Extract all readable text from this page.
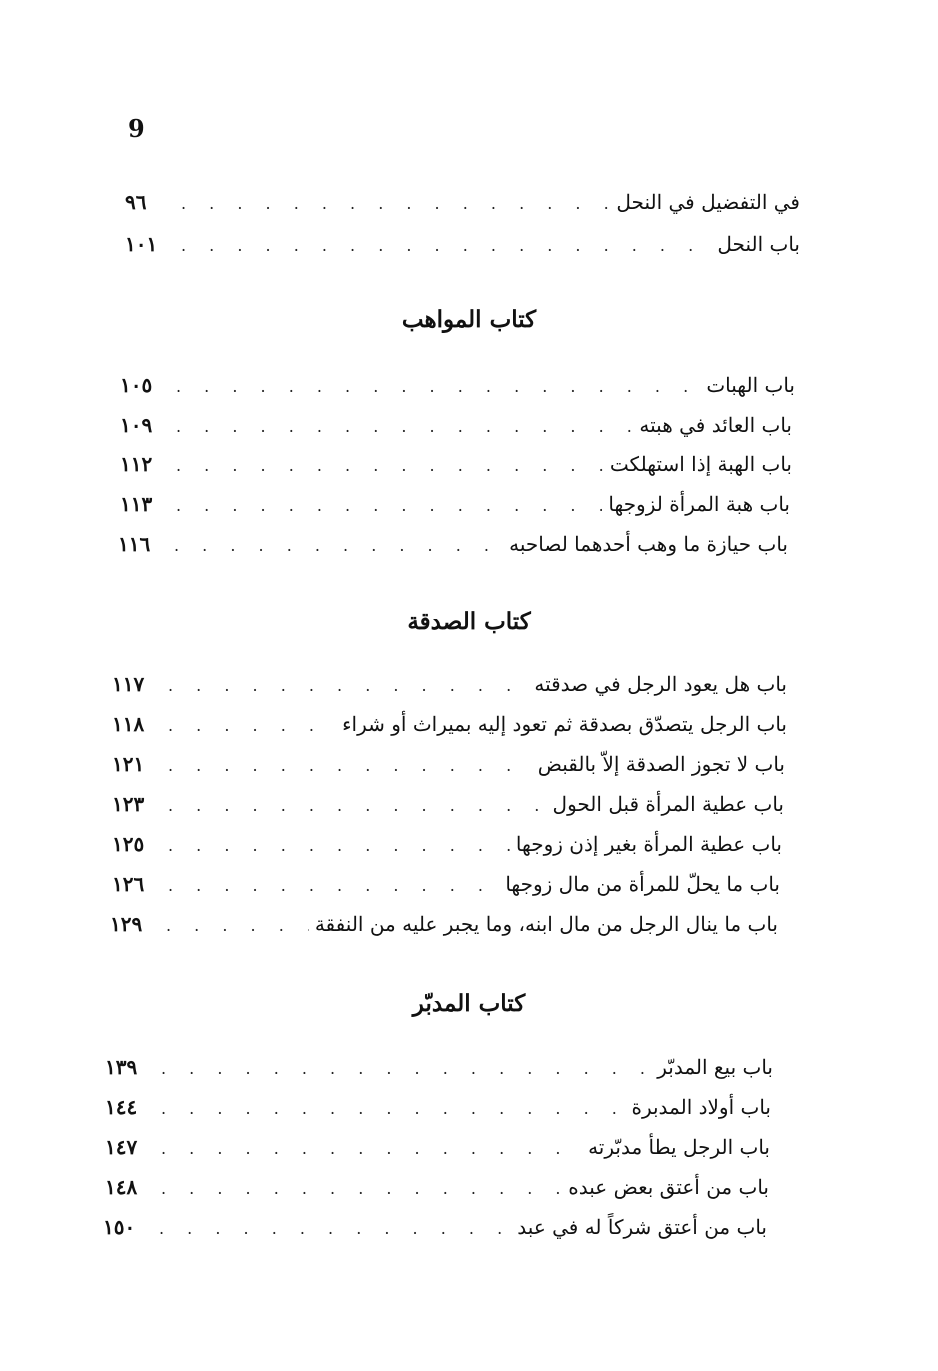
9
في التفضيل في النحل
. . .
٩٦
باب النحل
. . .
١٠١
كتاب المواهب
باب الهبات
. . .
١٠٥
باب العائد في هبته
. . .
١٠٩
باب الهبة إذا استهلكت
. . .
١١٢
باب هبة المرأة لزوجها
. . .
١١٣
باب حيازة ما وهب أحدهما لصاحبه
. . .
١١٦
كتاب الصدقة
باب هل يعود الرجل في صدقته
. . .
١١٧
باب الرجل يتصدّق بصدقة ثم تعود إليه بميراث أو شراء
. . .
١١٨
باب لا تجوز الصدقة إلاّ بالقبض
. . .
١٢١
باب عطية المرأة قبل الحول
. . .
١٢٣
باب عطية المرأة بغير إذن زوجها
. . .
١٢٥
باب ما يحلّ للمرأة من مال زوجها
. . .
١٢٦
باب ما ينال الرجل من مال ابنه، وما يجبر عليه من النفقة
. . .
١٢٩
كتاب المدبّر
باب بيع المدبّر
. . .
١٣٩
باب أولاد المدبرة
. . .
١٤٤
باب الرجل يطأ مدبّرته
. . .
١٤٧
باب من أعتق بعض عبده
. . .
١٤٨
باب من أعتق شركاً له في عبد
. . .
١٥٠
